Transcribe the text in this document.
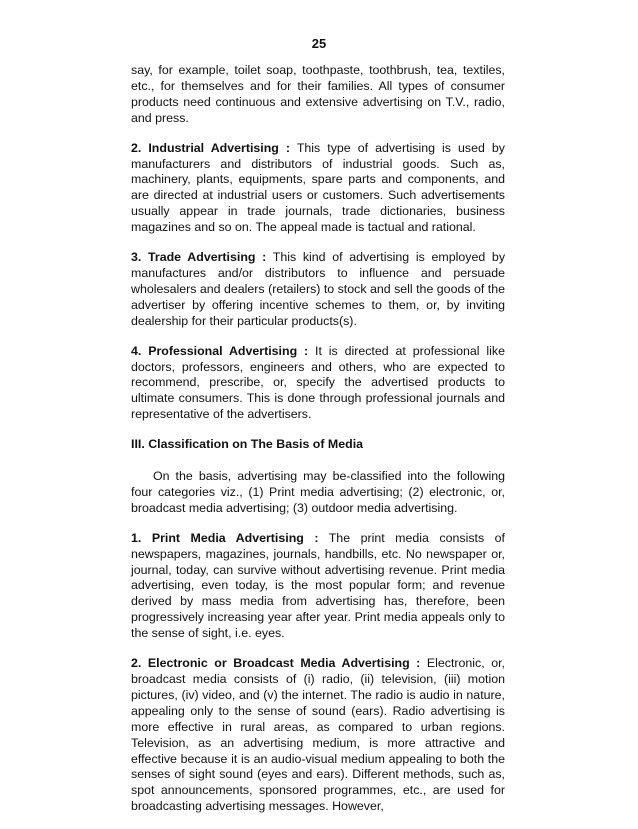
25

say, for example, toilet soap, toothpaste, toothbrush, tea, textiles, etc., for themselves and for their families. All types of consumer products need continuous and extensive advertising on T.V., radio, and press.

2. Industrial Advertising : This type of advertising is used by manufacturers and distributors of industrial goods. Such as, machinery, plants, equipments, spare parts and components, and are directed at industrial users or customers. Such advertisements usually appear in trade journals, trade dictionaries, business magazines and so on. The appeal made is tactual and rational.

3. Trade Advertising : This kind of advertising is employed by manufactures and/or distributors to influence and persuade wholesalers and dealers (retailers) to stock and sell the goods of the advertiser by offering incentive schemes to them, or, by inviting dealership for their particular products(s).

4. Professional Advertising : It is directed at professional like doctors, professors, engineers and others, who are expected to recommend, prescribe, or, specify the advertised products to ultimate consumers. This is done through professional journals and representative of the advertisers.

III. Classification on The Basis of Media

On the basis, advertising may be-classified into the following four categories viz., (1) Print media advertising; (2) electronic, or, broadcast media advertising; (3) outdoor media advertising.

1. Print Media Advertising : The print media consists of newspapers, magazines, journals, handbills, etc. No newspaper or, journal, today, can survive without advertising revenue. Print media advertising, even today, is the most popular form; and revenue derived by mass media from advertising has, therefore, been progressively increasing year after year. Print media appeals only to the sense of sight, i.e. eyes.

2. Electronic or Broadcast Media Advertising : Electronic, or, broadcast media consists of (i) radio, (ii) television, (iii) motion pictures, (iv) video, and (v) the internet. The radio is audio in nature, appealing only to the sense of sound (ears). Radio advertising is more effective in rural areas, as compared to urban regions. Television, as an advertising medium, is more attractive and effective because it is an audio-visual medium appealing to both the senses of sight sound (eyes and ears). Different methods, such as, spot announcements, sponsored programmes, etc., are used for broadcasting advertising messages. However,
